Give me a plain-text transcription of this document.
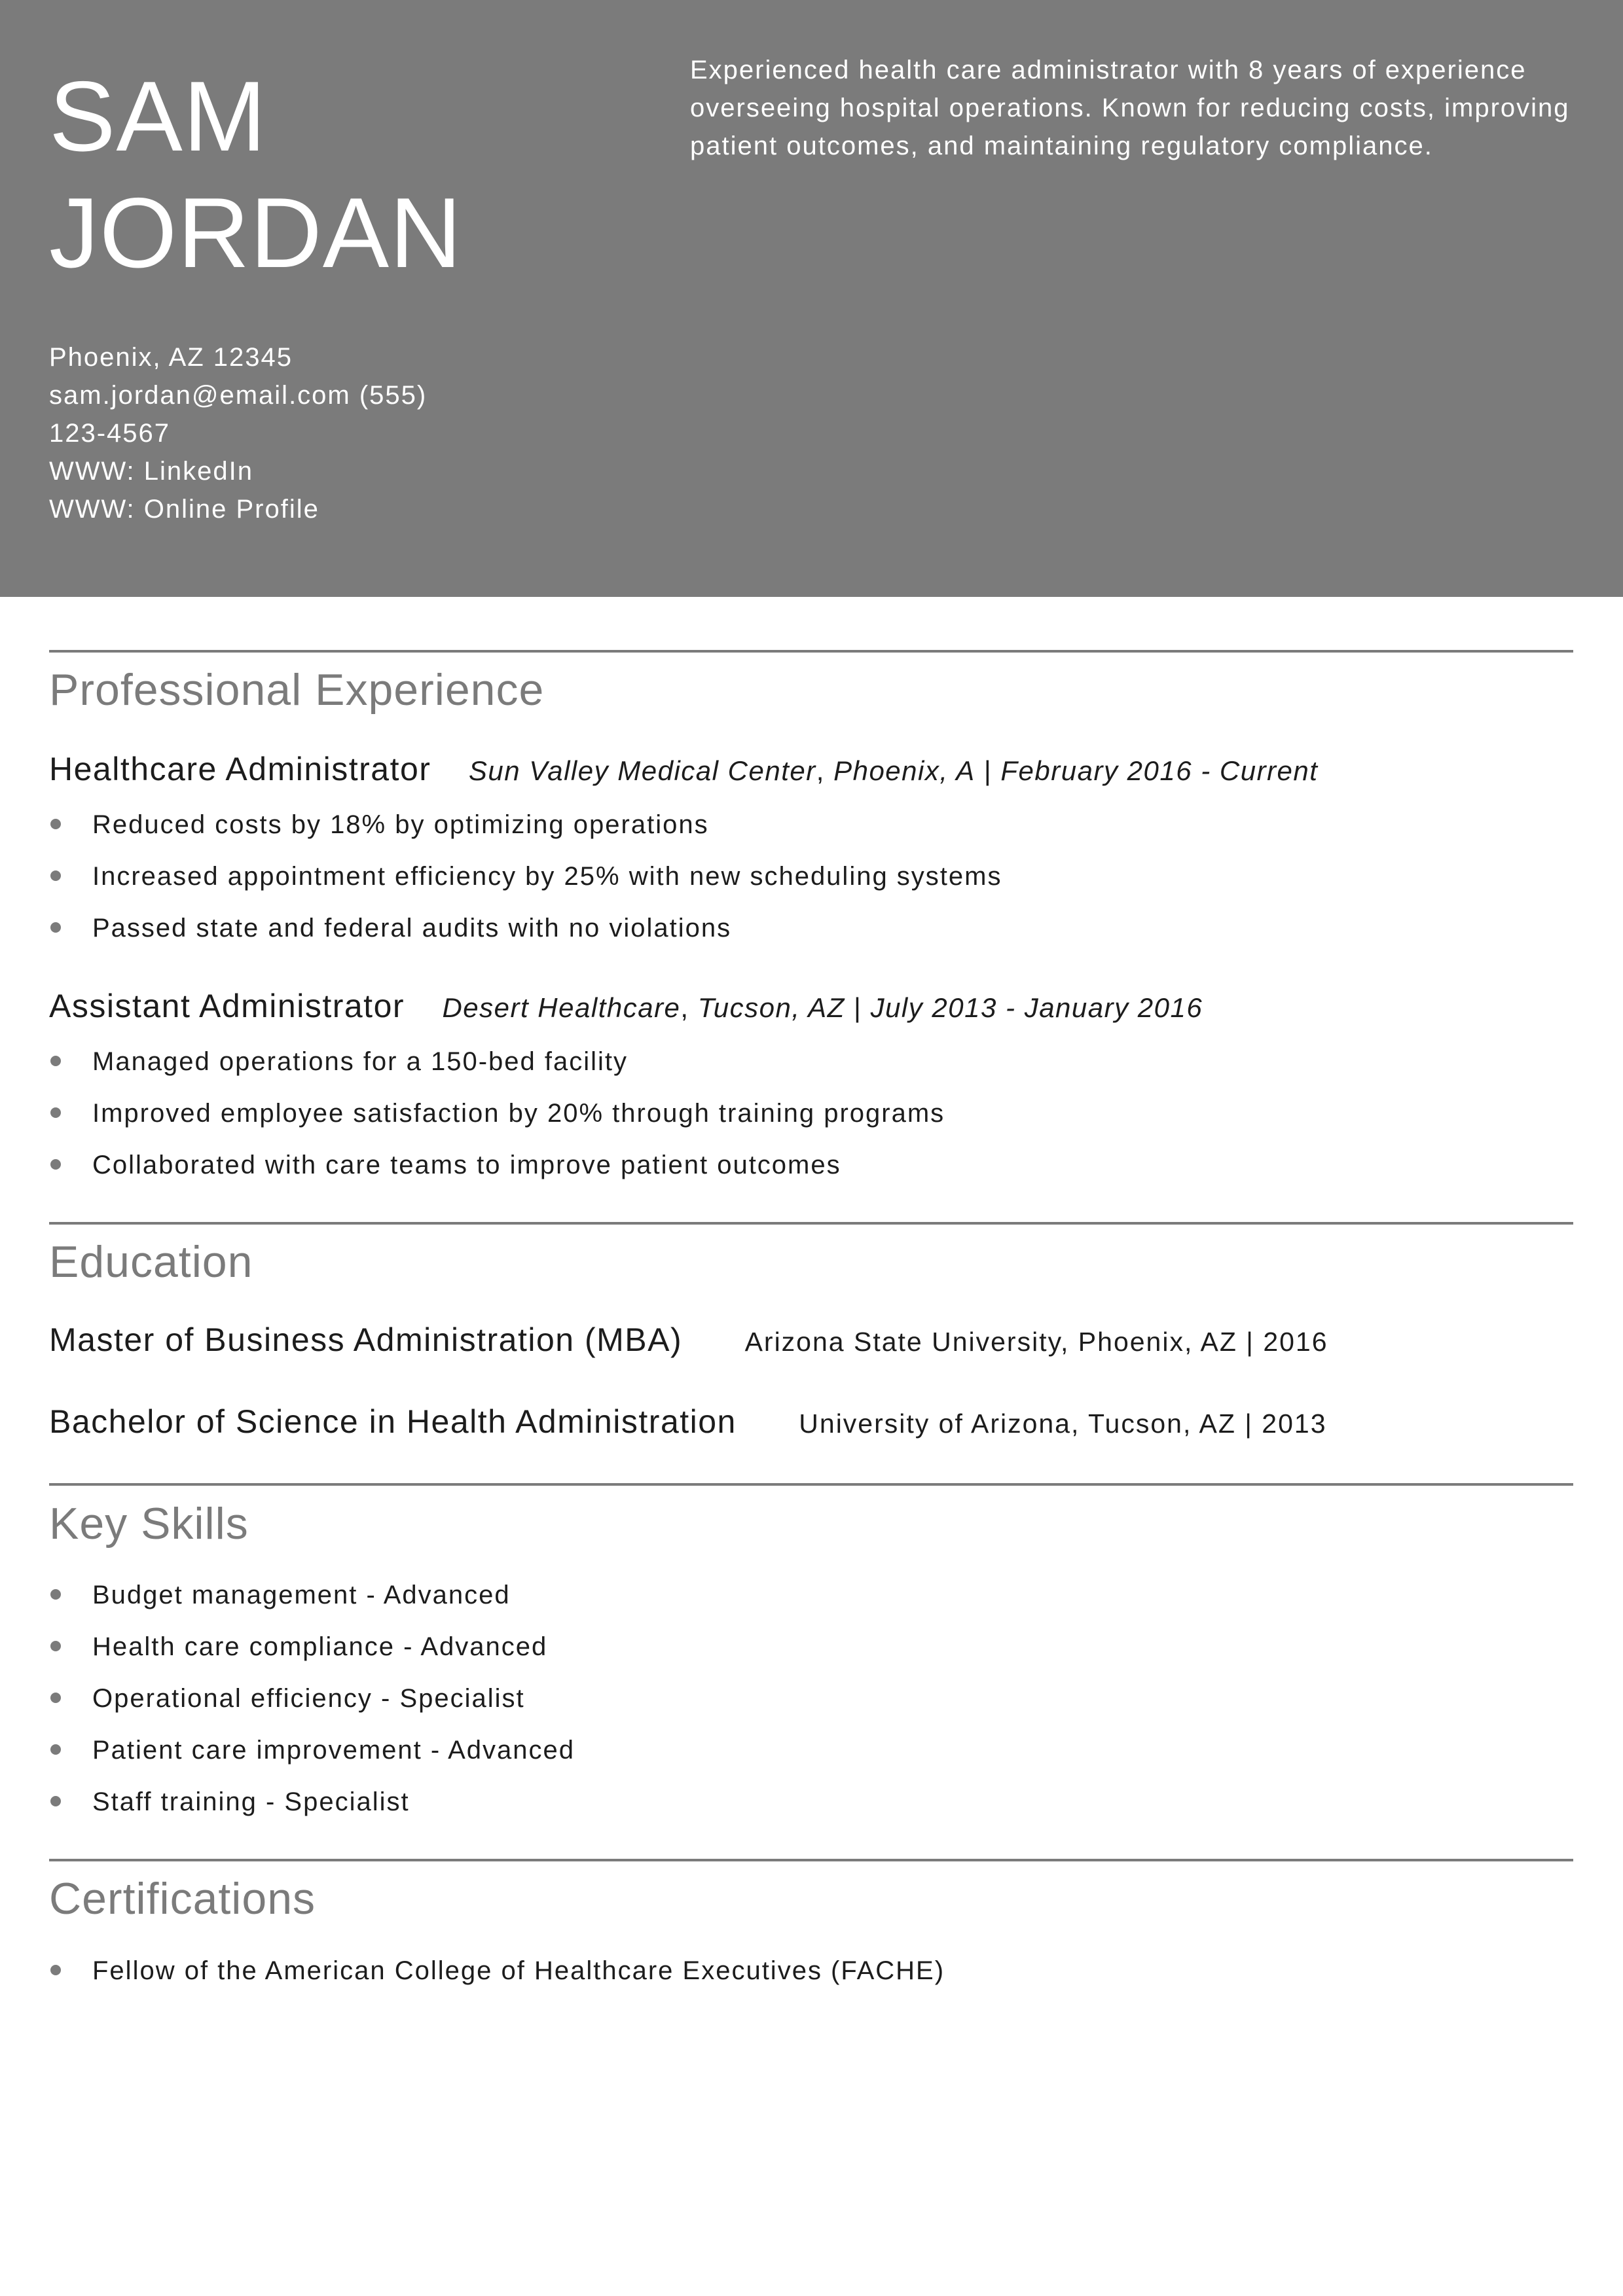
SAM
JORDAN
Experienced health care administrator with 8 years of experience overseeing hospital operations. Known for reducing costs, improving patient outcomes, and maintaining regulatory compliance.
Phoenix, AZ 12345
sam.jordan@email.com (555)
123-4567
WWW: LinkedIn
WWW: Online Profile
Professional Experience
Healthcare Administrator Sun Valley Medical Center, Phoenix, A | February 2016 - Current
Reduced costs by 18% by optimizing operations
Increased appointment efficiency by 25% with new scheduling systems
Passed state and federal audits with no violations
Assistant Administrator Desert Healthcare, Tucson, AZ | July 2013 - January 2016
Managed operations for a 150-bed facility
Improved employee satisfaction by 20% through training programs
Collaborated with care teams to improve patient outcomes
Education
Master of Business Administration (MBA) Arizona State University, Phoenix, AZ | 2016
Bachelor of Science in Health Administration University of Arizona, Tucson, AZ | 2013
Key Skills
Budget management - Advanced
Health care compliance - Advanced
Operational efficiency - Specialist
Patient care improvement - Advanced
Staff training - Specialist
Certifications
Fellow of the American College of Healthcare Executives (FACHE)
